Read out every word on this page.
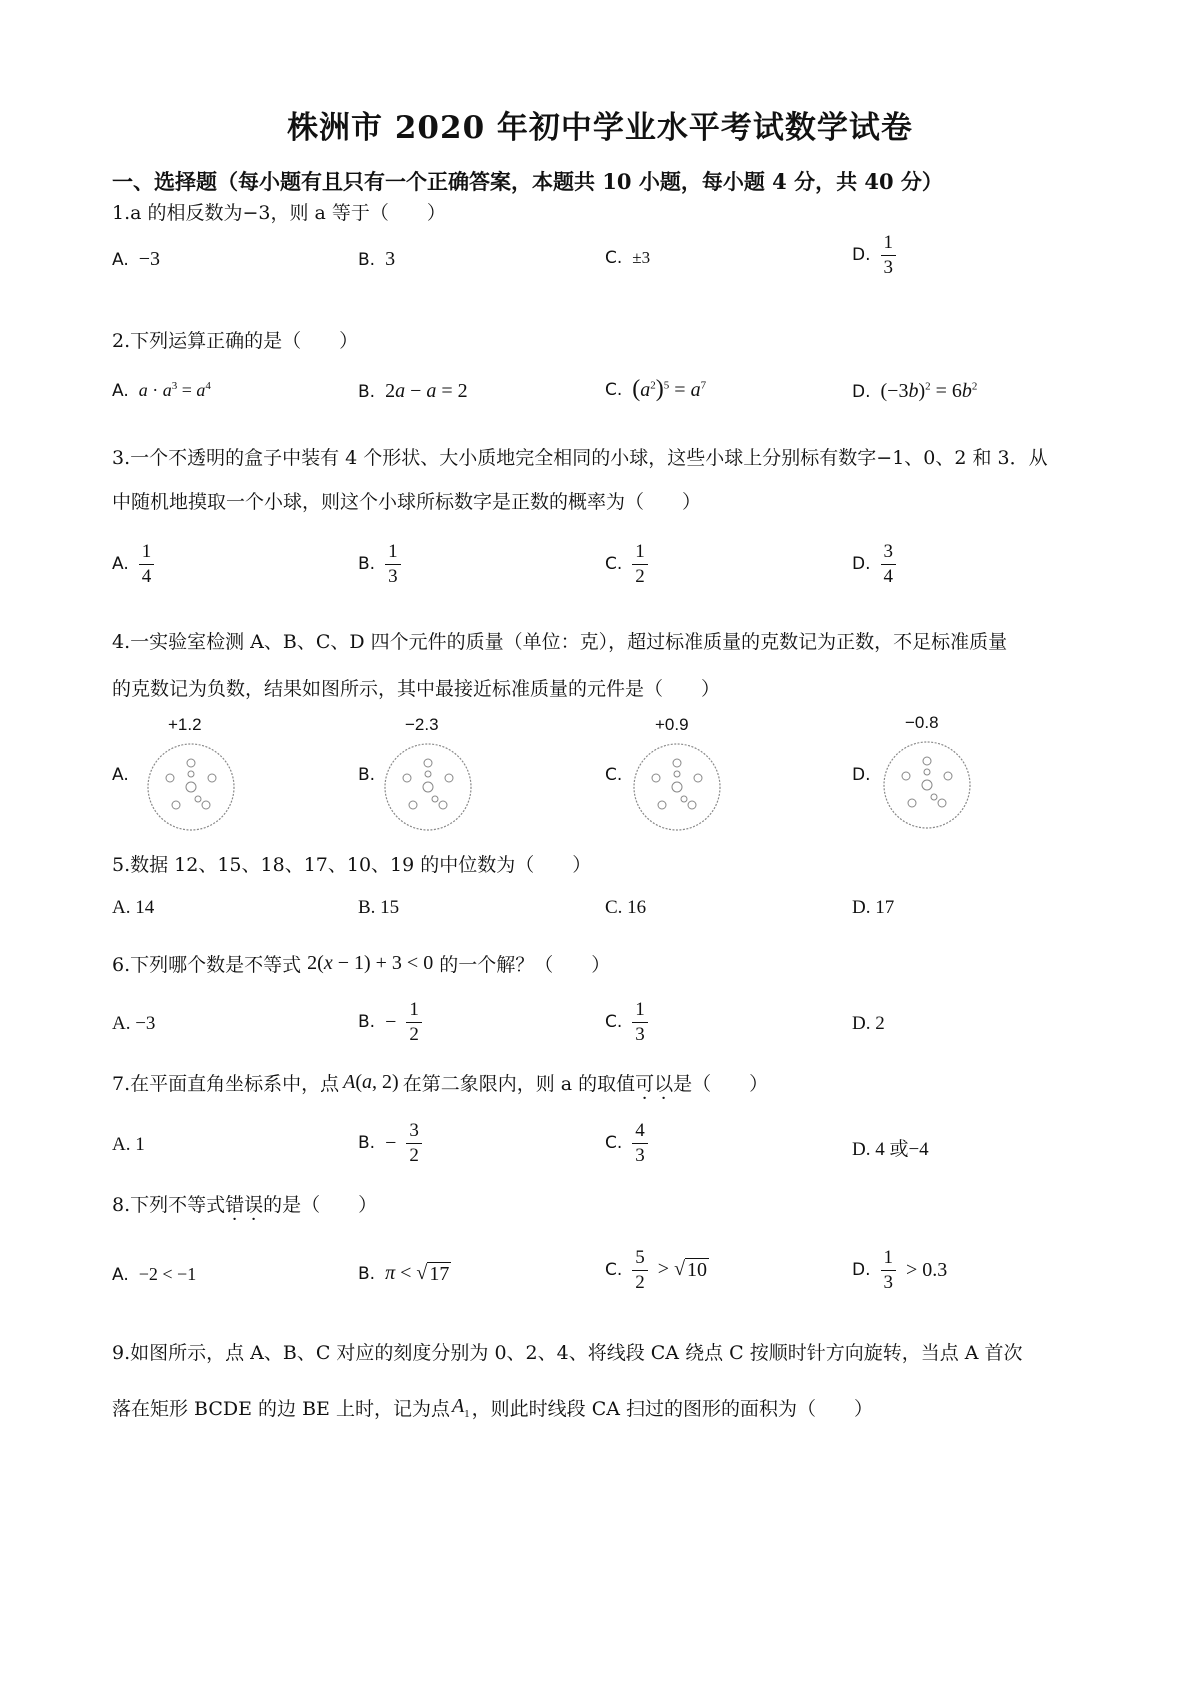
株洲市 2020 年初中学业水平考试数学试卷
一、选择题（每小题有且只有一个正确答案，本题共 10 小题，每小题 4 分，共 40 分）
1.a 的相反数为−3，则 a 等于（　　）
A. −3	B. 3	C. ±3	D. $\frac{1}{3}$
2.下列运算正确的是（　　）
A. $a \cdot a^3 = a^4$	B. 2a − a = 2	C. $(a^2)^5 = a^7$	D. $(-3b)^2 = 6b^2$
3.一个不透明的盒子中装有 4 个形状、大小质地完全相同的小球，这些小球上分别标有数字−1、0、2 和 3．从
中随机地摸取一个小球，则这个小球所标数字是正数的概率为（　　）
A. $\frac{1}{4}$	B. $\frac{1}{3}$	C. $\frac{1}{2}$	D. $\frac{3}{4}$
4.一实验室检测 A、B、C、D 四个元件的质量（单位：克），超过标准质量的克数记为正数，不足标准质量
的克数记为负数，结果如图所示，其中最接近标准质量的元件是（　　）
A.
+1.2
B.
−2.3
C.
+0.9
D.
−0.8
5.数据 12、15、18、17、10、19 的中位数为（　　）
A. 14	B. 15	C. 16	D. 17
6.下列哪个数是不等式 2(x − 1) + 3 < 0 的一个解？（　　）
A. −3	B. − $\frac{1}{2}$	C. $\frac{1}{3}$	D. 2
7.在平面直角坐标系中，点 A(a, 2) 在第二象限内，则 a 的取值 可 · 以 · 是（　　）
A. 1	B. − $\frac{3}{2}$	C. $\frac{4}{3}$	D. 4 或−4
8.下列不等式 错 · 误 · 的是（　　）
A. −2 < −1	B. π < √ 17	C. $\frac{5}{2}$ > √ 10	D. $\frac{1}{3} > 0.3$
9.如图所示，点 A、B、C 对应的刻度分别为 0、2、4、将线段 CA 绕点 C 按顺时针方向旋转，当点 A 首次
落在矩形 BCDE 的边 BE 上时，记为点 $A_1$ ，则此时线段 CA 扫过的图形的面积为（　　）
